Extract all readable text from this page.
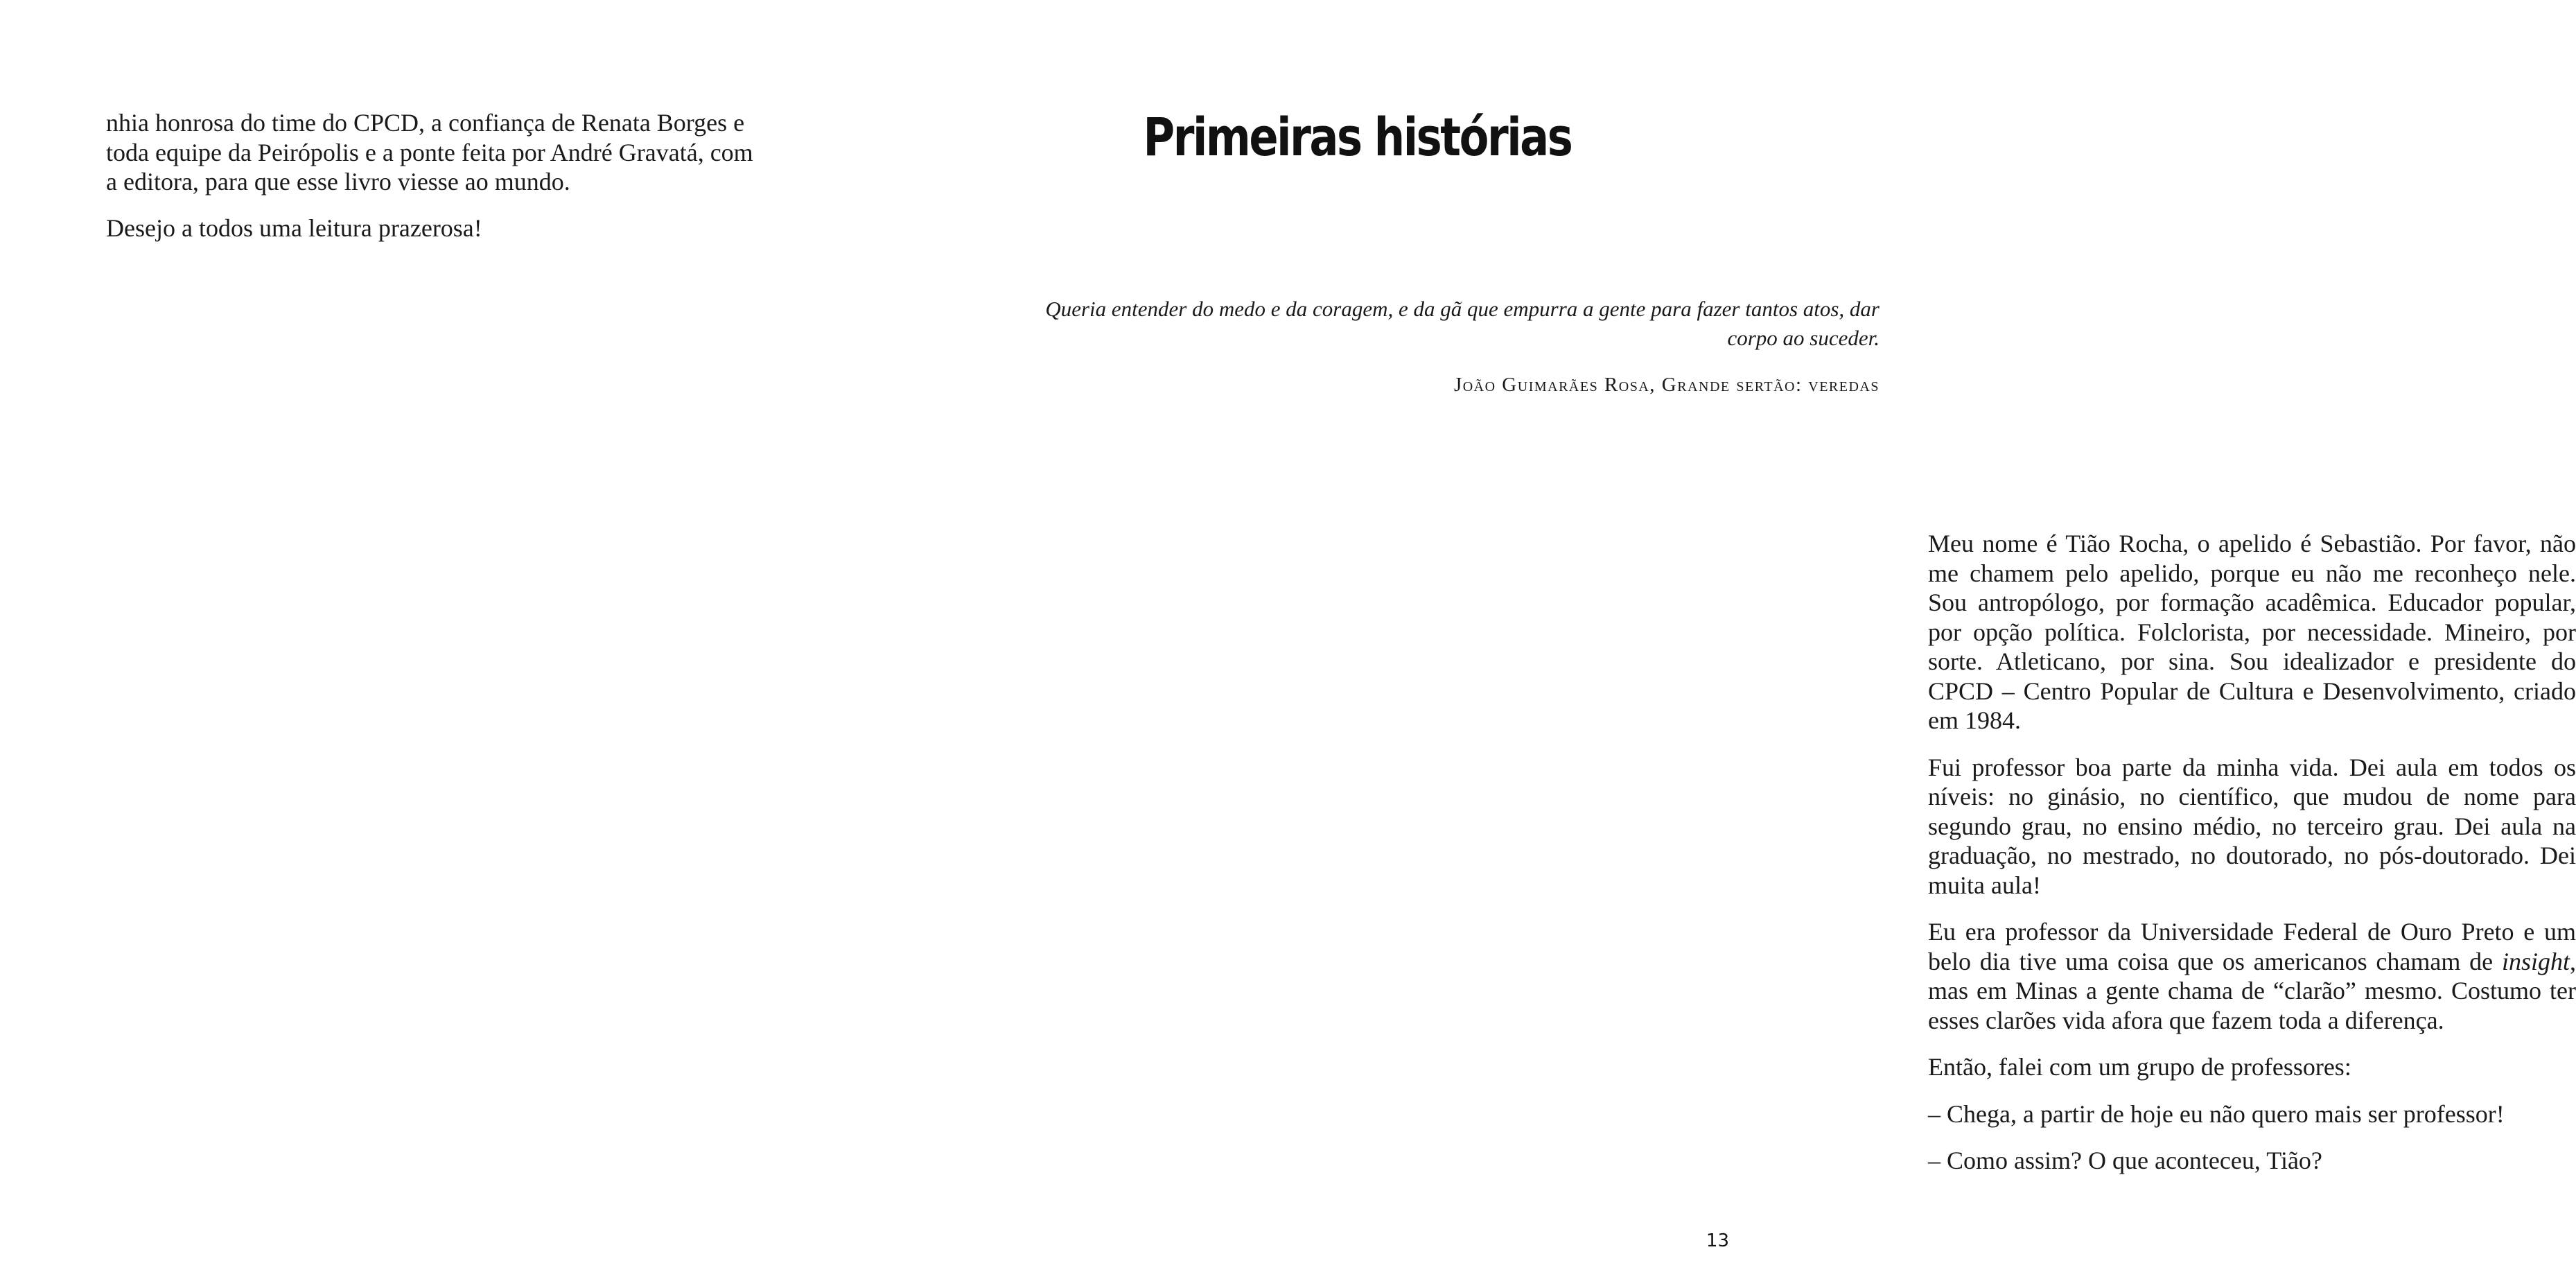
nhia honrosa do time do CPCD, a confiança de Renata Borges e toda equipe da Peirópolis e a ponte feita por André Gravatá, com a editora, para que esse livro viesse ao mundo.

Desejo a todos uma leitura prazerosa!

Primeiras histórias

Queria entender do medo e da coragem, e da gã que empurra a gente para fazer tantos atos, dar corpo ao suceder.

João Guimarães Rosa, Grande sertão: veredas

Meu nome é Tião Rocha, o apelido é Sebastião. Por favor, não me chamem pelo apelido, porque eu não me reconheço nele. Sou antropólogo, por formação acadêmica. Educador popular, por opção política. Folclorista, por necessidade. Mineiro, por sorte. Atleticano, por sina. Sou idealizador e presidente do CPCD – Centro Popular de Cultura e Desenvolvimento, criado em 1984.

Fui professor boa parte da minha vida. Dei aula em todos os níveis: no ginásio, no científico, que mudou de nome para segundo grau, no ensino médio, no terceiro grau. Dei aula na graduação, no mestrado, no doutorado, no pós-doutorado. Dei muita aula!

Eu era professor da Universidade Federal de Ouro Preto e um belo dia tive uma coisa que os americanos chamam de insight, mas em Minas a gente chama de “clarão” mesmo. Costumo ter esses clarões vida afora que fazem toda a diferença.

Então, falei com um grupo de professores:

– Chega, a partir de hoje eu não quero mais ser professor!

– Como assim? O que aconteceu, Tião?

13
